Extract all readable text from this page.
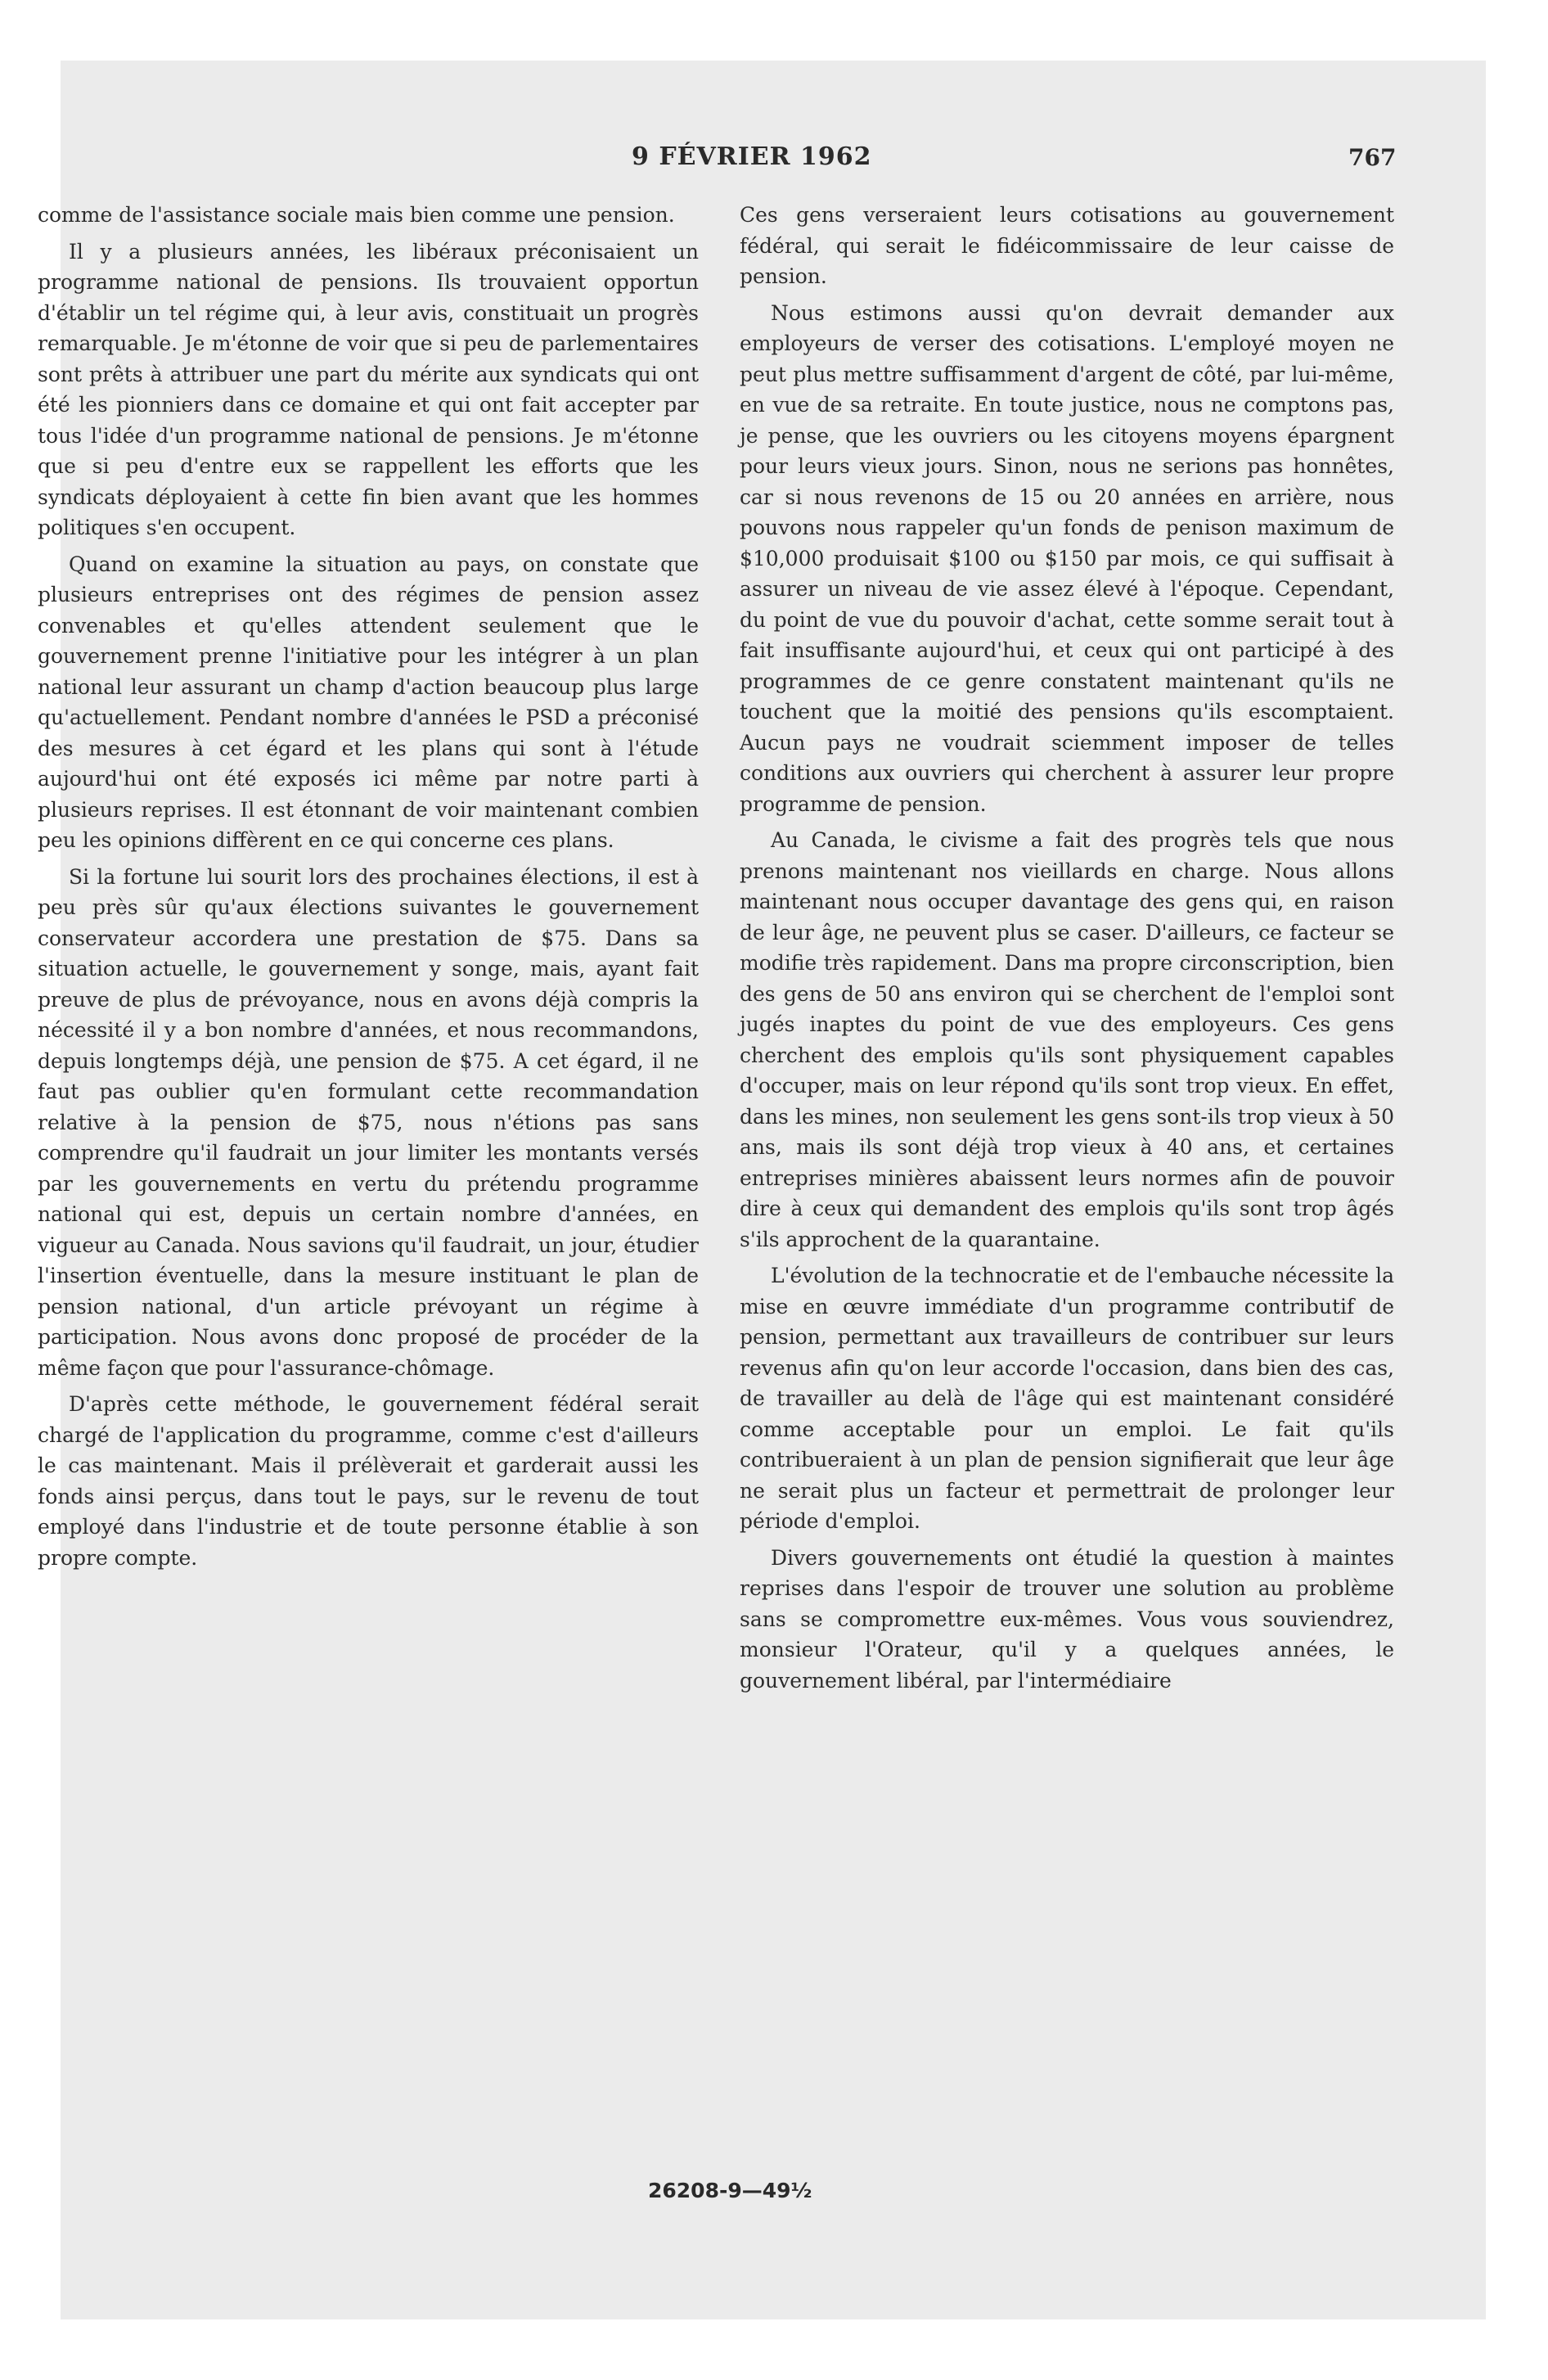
9 FÉVRIER 1962	767

comme de l'assistance sociale mais bien comme une pension.

Il y a plusieurs années, les libéraux préconisaient un programme national de pensions. Ils trouvaient opportun d'établir un tel régime qui, à leur avis, constituait un progrès remarquable. Je m'étonne de voir que si peu de parlementaires sont prêts à attribuer une part du mérite aux syndicats qui ont été les pionniers dans ce domaine et qui ont fait accepter par tous l'idée d'un programme national de pensions. Je m'étonne que si peu d'entre eux se rappellent les efforts que les syndicats déployaient à cette fin bien avant que les hommes politiques s'en occupent.

Quand on examine la situation au pays, on constate que plusieurs entreprises ont des régimes de pension assez convenables et qu'elles attendent seulement que le gouvernement prenne l'initiative pour les intégrer à un plan national leur assurant un champ d'action beaucoup plus large qu'actuellement. Pendant nombre d'années le PSD a préconisé des mesures à cet égard et les plans qui sont à l'étude aujourd'hui ont été exposés ici même par notre parti à plusieurs reprises. Il est étonnant de voir maintenant combien peu les opinions diffèrent en ce qui concerne ces plans.

Si la fortune lui sourit lors des prochaines élections, il est à peu près sûr qu'aux élections suivantes le gouvernement conservateur accordera une prestation de $75. Dans sa situation actuelle, le gouvernement y songe, mais, ayant fait preuve de plus de prévoyance, nous en avons déjà compris la nécessité il y a bon nombre d'années, et nous recommandons, depuis longtemps déjà, une pension de $75. A cet égard, il ne faut pas oublier qu'en formulant cette recommandation relative à la pension de $75, nous n'étions pas sans comprendre qu'il faudrait un jour limiter les montants versés par les gouvernements en vertu du prétendu programme national qui est, depuis un certain nombre d'années, en vigueur au Canada. Nous savions qu'il faudrait, un jour, étudier l'insertion éventuelle, dans la mesure instituant le plan de pension national, d'un article prévoyant un régime à participation. Nous avons donc proposé de procéder de la même façon que pour l'assurance-chômage.

D'après cette méthode, le gouvernement fédéral serait chargé de l'application du programme, comme c'est d'ailleurs le cas maintenant. Mais il prélèverait et garderait aussi les fonds ainsi perçus, dans tout le pays, sur le revenu de tout employé dans l'industrie et de toute personne établie à son propre compte.

Ces gens verseraient leurs cotisations au gouvernement fédéral, qui serait le fidéicommissaire de leur caisse de pension.

Nous estimons aussi qu'on devrait demander aux employeurs de verser des cotisations. L'employé moyen ne peut plus mettre suffisamment d'argent de côté, par lui-même, en vue de sa retraite. En toute justice, nous ne comptons pas, je pense, que les ouvriers ou les citoyens moyens épargnent pour leurs vieux jours. Sinon, nous ne serions pas honnêtes, car si nous revenons de 15 ou 20 années en arrière, nous pouvons nous rappeler qu'un fonds de penison maximum de $10,000 produisait $100 ou $150 par mois, ce qui suffisait à assurer un niveau de vie assez élevé à l'époque. Cependant, du point de vue du pouvoir d'achat, cette somme serait tout à fait insuffisante aujourd'hui, et ceux qui ont participé à des programmes de ce genre constatent maintenant qu'ils ne touchent que la moitié des pensions qu'ils escomptaient. Aucun pays ne voudrait sciemment imposer de telles conditions aux ouvriers qui cherchent à assurer leur propre programme de pension.

Au Canada, le civisme a fait des progrès tels que nous prenons maintenant nos vieillards en charge. Nous allons maintenant nous occuper davantage des gens qui, en raison de leur âge, ne peuvent plus se caser. D'ailleurs, ce facteur se modifie très rapidement. Dans ma propre circonscription, bien des gens de 50 ans environ qui se cherchent de l'emploi sont jugés inaptes du point de vue des employeurs. Ces gens cherchent des emplois qu'ils sont physiquement capables d'occuper, mais on leur répond qu'ils sont trop vieux. En effet, dans les mines, non seulement les gens sont-ils trop vieux à 50 ans, mais ils sont déjà trop vieux à 40 ans, et certaines entreprises minières abaissent leurs normes afin de pouvoir dire à ceux qui demandent des emplois qu'ils sont trop âgés s'ils approchent de la quarantaine.

L'évolution de la technocratie et de l'embauche nécessite la mise en œuvre immédiate d'un programme contributif de pension, permettant aux travailleurs de contribuer sur leurs revenus afin qu'on leur accorde l'occasion, dans bien des cas, de travailler au delà de l'âge qui est maintenant considéré comme acceptable pour un emploi. Le fait qu'ils contribueraient à un plan de pension signifierait que leur âge ne serait plus un facteur et permettrait de prolonger leur période d'emploi.

Divers gouvernements ont étudié la question à maintes reprises dans l'espoir de trouver une solution au problème sans se compromettre eux-mêmes. Vous vous souviendrez, monsieur l'Orateur, qu'il y a quelques années, le gouvernement libéral, par l'intermédiaire

26208-9—49½
